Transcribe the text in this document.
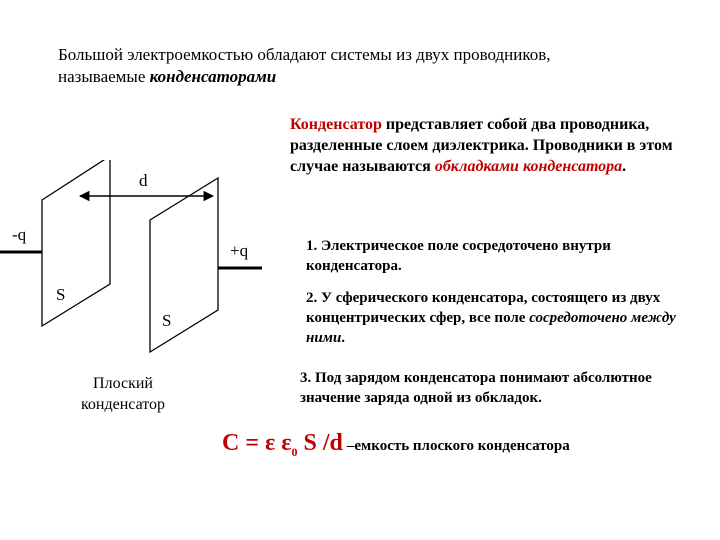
Большой электроемкостью обладают системы из двух проводников,
называемые конденсаторами
Конденсатор представляет собой два проводника, разделенные слоем диэлектрика. Проводники в этом случае называются обкладками конденсатора.
1. Электрическое поле сосредоточено внутри конденсатора.
2. У сферического конденсатора, состоящего из двух концентрических сфер, все поле сосредоточено между ними.
3. Под зарядом конденсатора понимают абсолютное значение заряда одной из обкладок.
C = ε $\varepsilon_0$ S /d –емкость плоского конденсатора
d
-q
+q
S
S
Плоский
конденсатор
